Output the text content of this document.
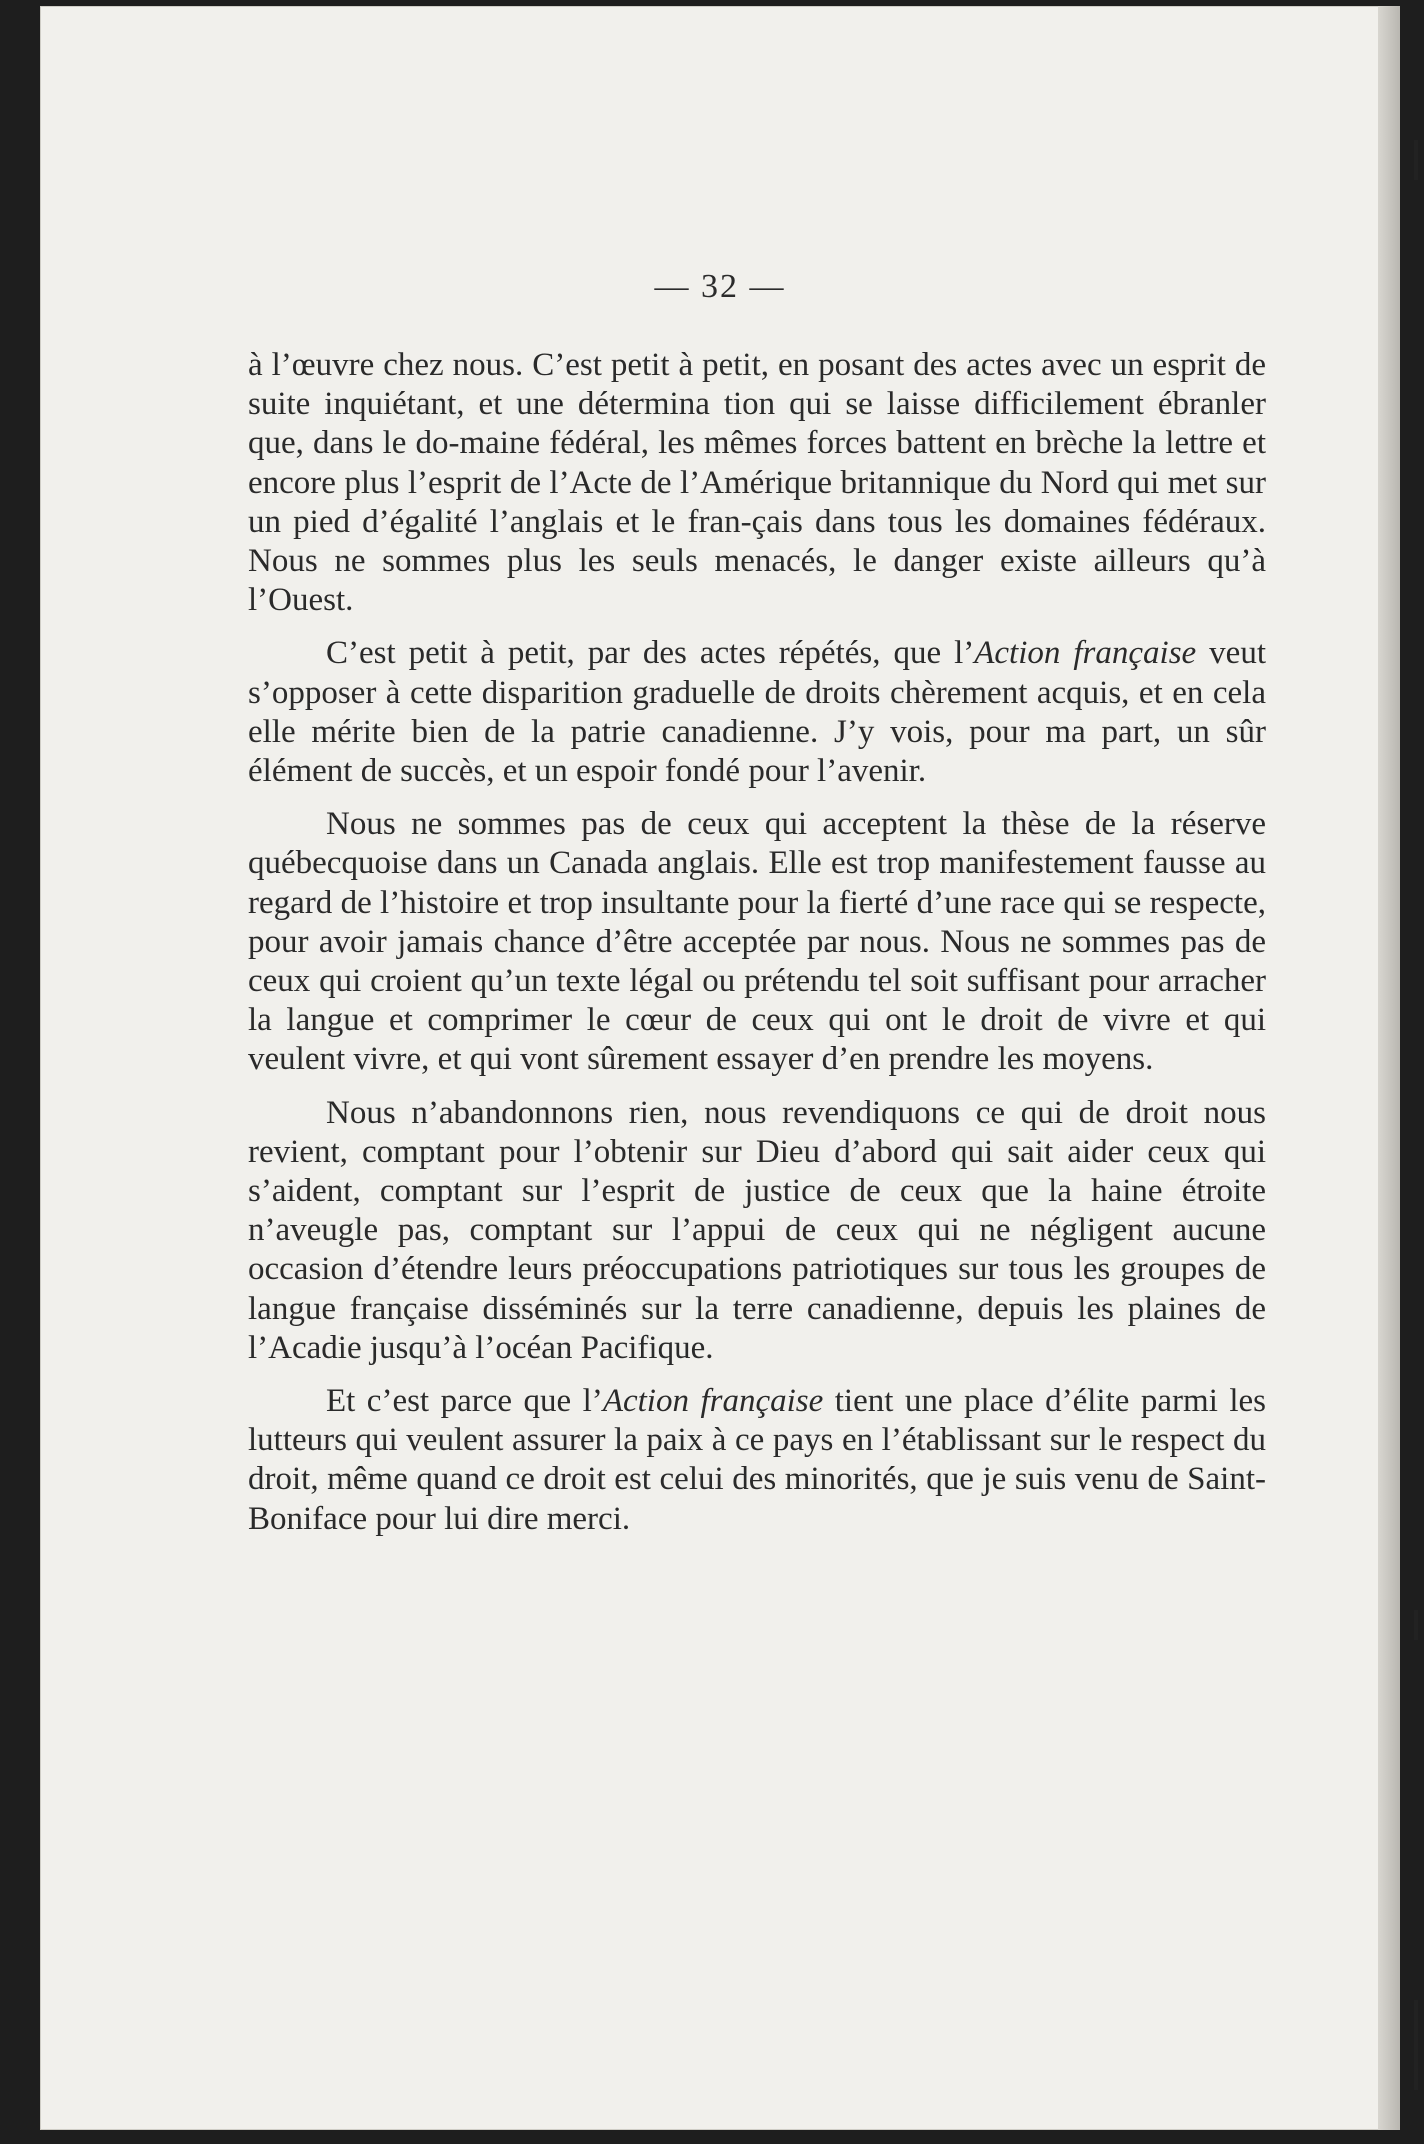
— 32 —

à l’œuvre chez nous. C’est petit à petit, en posant des actes avec un esprit de suite inquiétant, et une détermina tion qui se laisse difficilement ébranler que, dans le do-maine fédéral, les mêmes forces battent en brèche la lettre et encore plus l’esprit de l’Acte de l’Amérique britannique du Nord qui met sur un pied d’égalité l’anglais et le fran-çais dans tous les domaines fédéraux. Nous ne sommes plus les seuls menacés, le danger existe ailleurs qu’à l’Ouest.

C’est petit à petit, par des actes répétés, que l’Action française veut s’opposer à cette disparition graduelle de droits chèrement acquis, et en cela elle mérite bien de la patrie canadienne. J’y vois, pour ma part, un sûr élément de succès, et un espoir fondé pour l’avenir.

Nous ne sommes pas de ceux qui acceptent la thèse de la réserve québecquoise dans un Canada anglais. Elle est trop manifestement fausse au regard de l’histoire et trop insultante pour la fierté d’une race qui se respecte, pour avoir jamais chance d’être acceptée par nous. Nous ne sommes pas de ceux qui croient qu’un texte légal ou prétendu tel soit suffisant pour arracher la langue et comprimer le cœur de ceux qui ont le droit de vivre et qui veulent vivre, et qui vont sûrement essayer d’en prendre les moyens.

Nous n’abandonnons rien, nous revendiquons ce qui de droit nous revient, comptant pour l’obtenir sur Dieu d’abord qui sait aider ceux qui s’aident, comptant sur l’esprit de justice de ceux que la haine étroite n’aveugle pas, comptant sur l’appui de ceux qui ne négligent aucune occasion d’étendre leurs préoccupations patriotiques sur tous les groupes de langue française disséminés sur la terre canadienne, depuis les plaines de l’Acadie jusqu’à l’océan Pacifique.

Et c’est parce que l’Action française tient une place d’élite parmi les lutteurs qui veulent assurer la paix à ce pays en l’établissant sur le respect du droit, même quand ce droit est celui des minorités, que je suis venu de Saint-Boniface pour lui dire merci.
